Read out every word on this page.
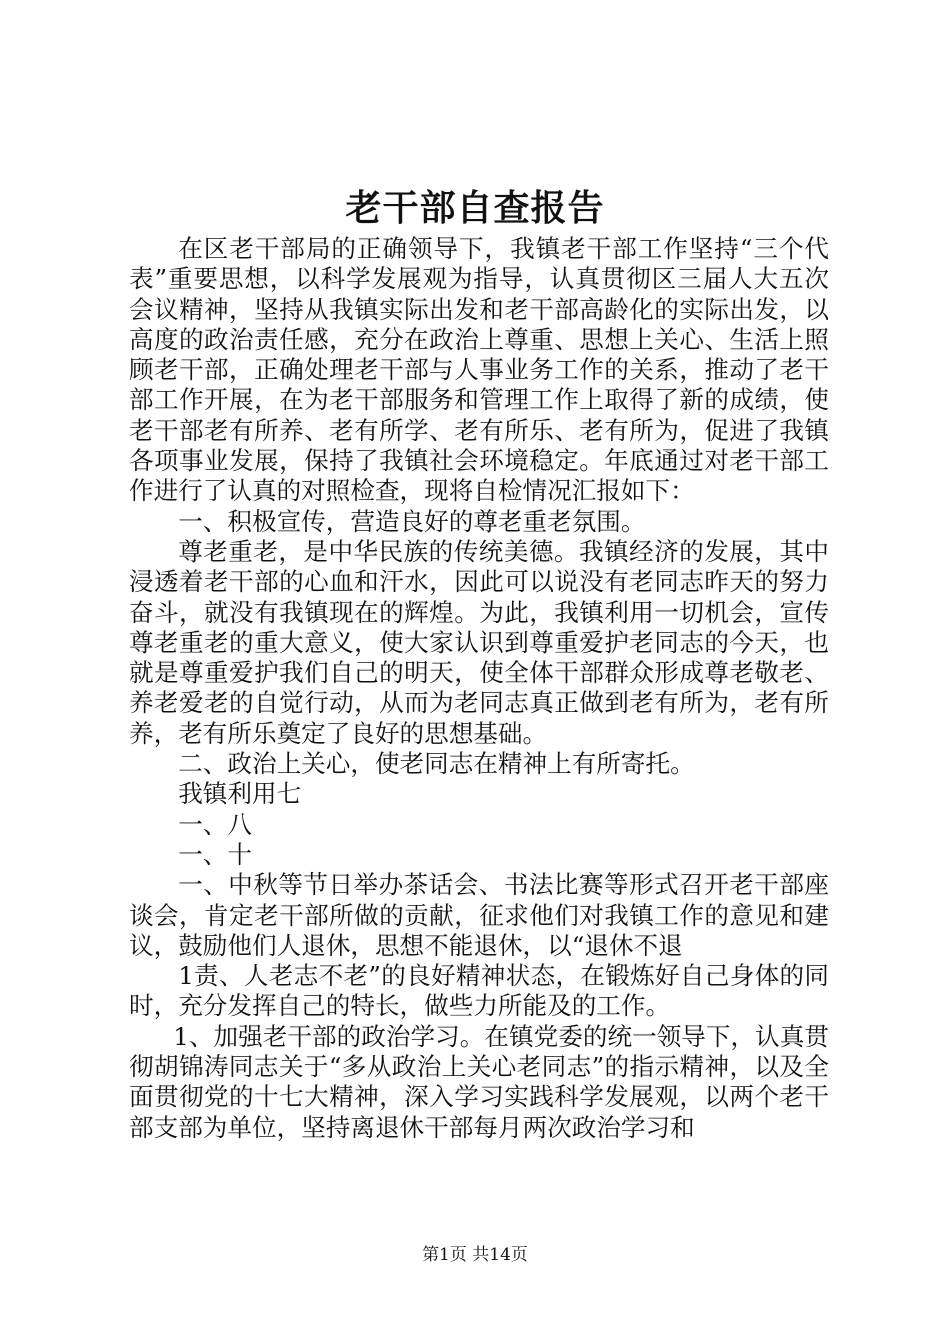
老干部自查报告

在区老干部局的正确领导下，我镇老干部工作坚持“三个代表”重要思想，以科学发展观为指导，认真贯彻区三届人大五次会议精神，坚持从我镇实际出发和老干部高龄化的实际出发，以高度的政治责任感，充分在政治上尊重、思想上关心、生活上照顾老干部，正确处理老干部与人事业务工作的关系，推动了老干部工作开展，在为老干部服务和管理工作上取得了新的成绩，使老干部老有所养、老有所学、老有所乐、老有所为，促进了我镇各项事业发展，保持了我镇社会环境稳定。年底通过对老干部工作进行了认真的对照检查，现将自检情况汇报如下：

一、积极宣传，营造良好的尊老重老氛围。

尊老重老，是中华民族的传统美德。我镇经济的发展，其中浸透着老干部的心血和汗水，因此可以说没有老同志昨天的努力奋斗，就没有我镇现在的辉煌。为此，我镇利用一切机会，宣传尊老重老的重大意义，使大家认识到尊重爱护老同志的今天，也就是尊重爱护我们自己的明天，使全体干部群众形成尊老敬老、养老爱老的自觉行动，从而为老同志真正做到老有所为，老有所养，老有所乐奠定了良好的思想基础。

二、政治上关心，使老同志在精神上有所寄托。

我镇利用七

一、八

一、十

一、中秋等节日举办茶话会、书法比赛等形式召开老干部座谈会，肯定老干部所做的贡献，征求他们对我镇工作的意见和建议，鼓励他们人退休，思想不能退休，以“退休不退

1责、人老志不老”的良好精神状态，在锻炼好自己身体的同时，充分发挥自己的特长，做些力所能及的工作。

1、加强老干部的政治学习。在镇党委的统一领导下，认真贯彻胡锦涛同志关于“多从政治上关心老同志”的指示精神，以及全面贯彻党的十七大精神，深入学习实践科学发展观，以两个老干部支部为单位，坚持离退休干部每月两次政治学习和

第1页 共14页
